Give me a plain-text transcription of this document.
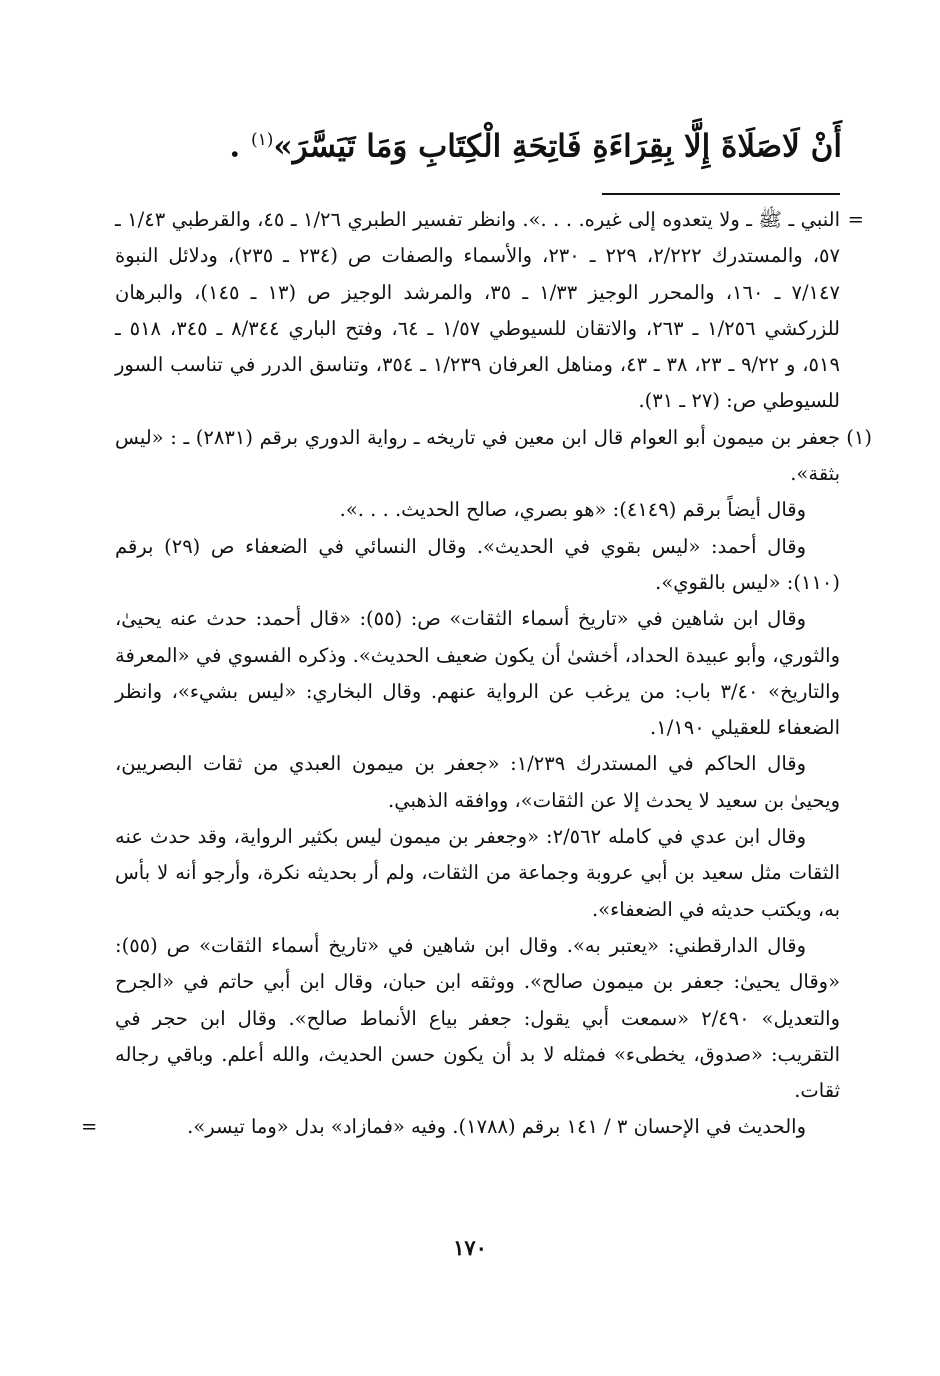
أَنْ لَاصَلَاةَ إِلَّا بِقِرَاءَةِ فَاتِحَةِ الْكِتَابِ وَمَا تَيَسَّرَ»$^{(١)}$ .

=
النبي ـ ﷺ ـ ولا يتعدوه إلى غيره. . . .». وانظر تفسير الطبري ١/٢٦ ـ ٤٥، والقرطبي ١/٤٣ ـ ٥٧، والمستدرك ٢/٢٢٢، ٢٢٩ ـ ٢٣٠، والأسماء والصفات ص (٢٣٤ ـ ٢٣٥)، ودلائل النبوة ٧/١٤٧ ـ ١٦٠، والمحرر الوجيز ١/٣٣ ـ ٣٥، والمرشد الوجيز ص (١٣ ـ ١٤٥)، والبرهان للزركشي ١/٢٥٦ ـ ٢٦٣، والاتقان للسيوطي ١/٥٧ ـ ٦٤، وفتح الباري ٨/٣٤٤ ـ ٣٤٥، ٥١٨ ـ ٥١٩، و ٩/٢٢ ـ ٢٣، ٣٨ ـ ٤٣، ومناهل العرفان ١/٢٣٩ ـ ٣٥٤، وتناسق الدرر في تناسب السور للسيوطي ص: (٢٧ ـ ٣١).

(١)
جعفر بن ميمون أبو العوام قال ابن معين في تاريخه ـ رواية الدوري برقم (٢٨٣١) ـ : «ليس بثقة».

وقال أيضاً برقم (٤١٤٩): «هو بصري، صالح الحديث. . . .».

وقال أحمد: «ليس بقوي في الحديث». وقال النسائي في الضعفاء ص (٢٩) برقم (١١٠): «ليس بالقوي».

وقال ابن شاهين في «تاريخ أسماء الثقات» ص: (٥٥): «قال أحمد: حدث عنه يحيىٰ، والثوري، وأبو عبيدة الحداد، أخشىٰ أن يكون ضعيف الحديث». وذكره الفسوي في «المعرفة والتاريخ» ٣/٤٠ باب: من يرغب عن الرواية عنهم. وقال البخاري: «ليس بشيء»، وانظر الضعفاء للعقيلي ١/١٩٠.

وقال الحاكم في المستدرك ١/٢٣٩: «جعفر بن ميمون العبدي من ثقات البصريين، ويحيىٰ بن سعيد لا يحدث إلا عن الثقات»، ووافقه الذهبي.

وقال ابن عدي في كامله ٢/٥٦٢: «وجعفر بن ميمون ليس بكثير الرواية، وقد حدث عنه الثقات مثل سعيد بن أبي عروبة وجماعة من الثقات، ولم أر بحديثه نكرة، وأرجو أنه لا بأس به، ويكتب حديثه في الضعفاء».

وقال الدارقطني: «يعتبر به». وقال ابن شاهين في «تاريخ أسماء الثقات» ص (٥٥): «وقال يحيىٰ: جعفر بن ميمون صالح». ووثقه ابن حبان، وقال ابن أبي حاتم في «الجرح والتعديل» ٢/٤٩٠ «سمعت أبي يقول: جعفر بياع الأنماط صالح». وقال ابن حجر في التقريب: «صدوق، يخطىء» فمثله لا بد أن يكون حسن الحديث، والله أعلم. وباقي رجاله ثقات.

والحديث في الإحسان ٣ / ١٤١ برقم (١٧٨٨). وفيه «فمازاد» بدل «وما تيسر».
=

١٧٠
